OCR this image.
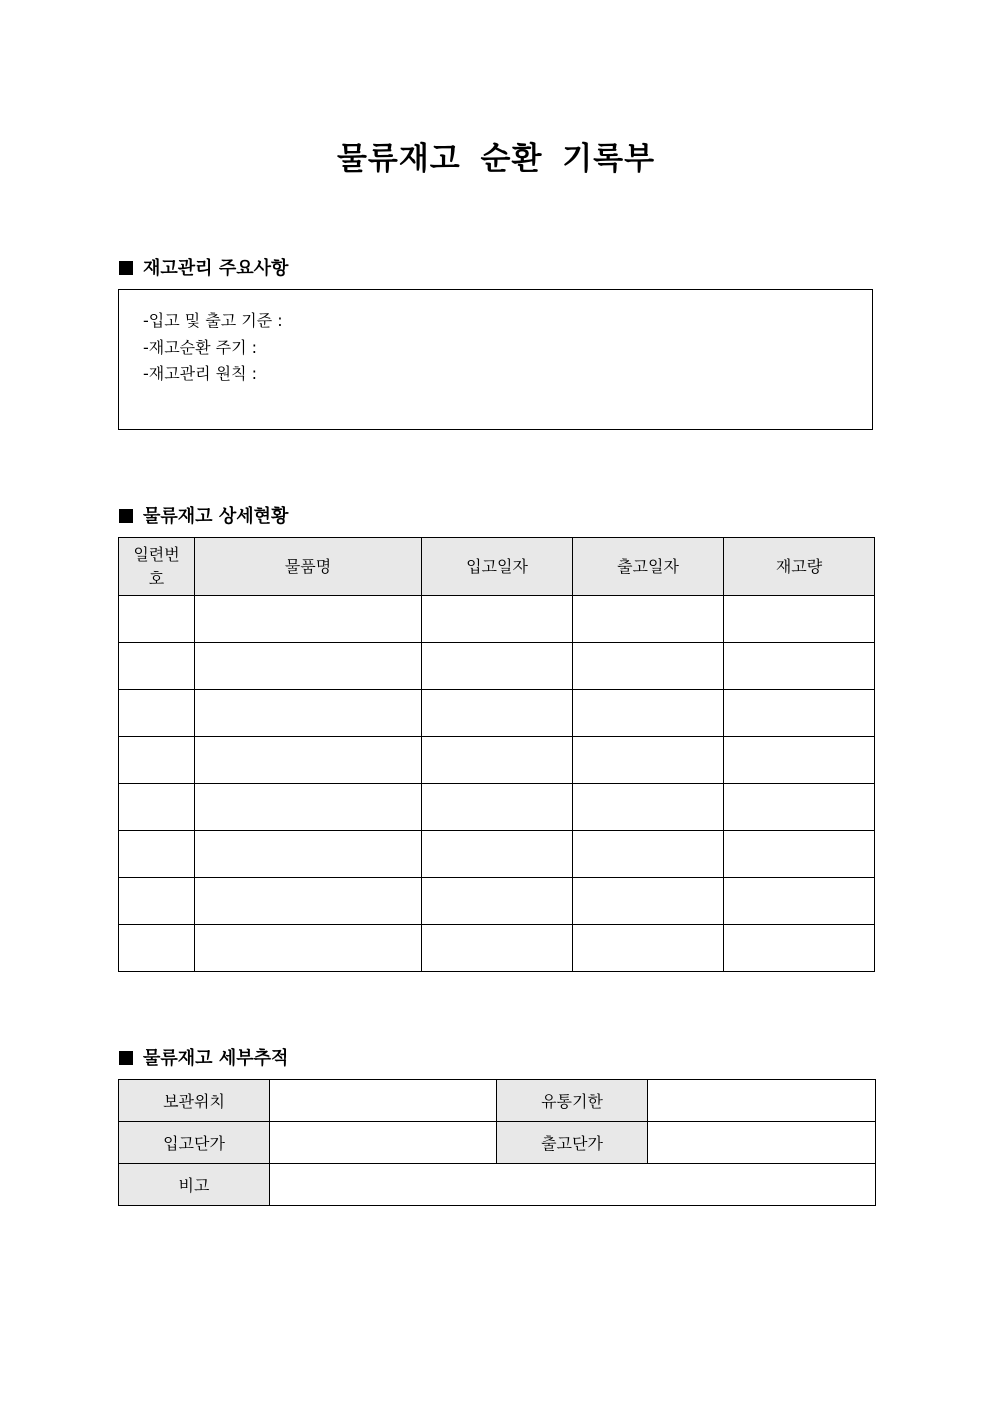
물류재고 순환 기록부
재고관리 주요사항
-입고 및 출고 기준 :
-재고순환 주기 :
-재고관리 원칙 :
물류재고 상세현황
일련번호	물품명	입고일자	출고일자	재고량

물류재고 세부추적
보관위치		유통기한	
입고단가		출고단가	
비고			
